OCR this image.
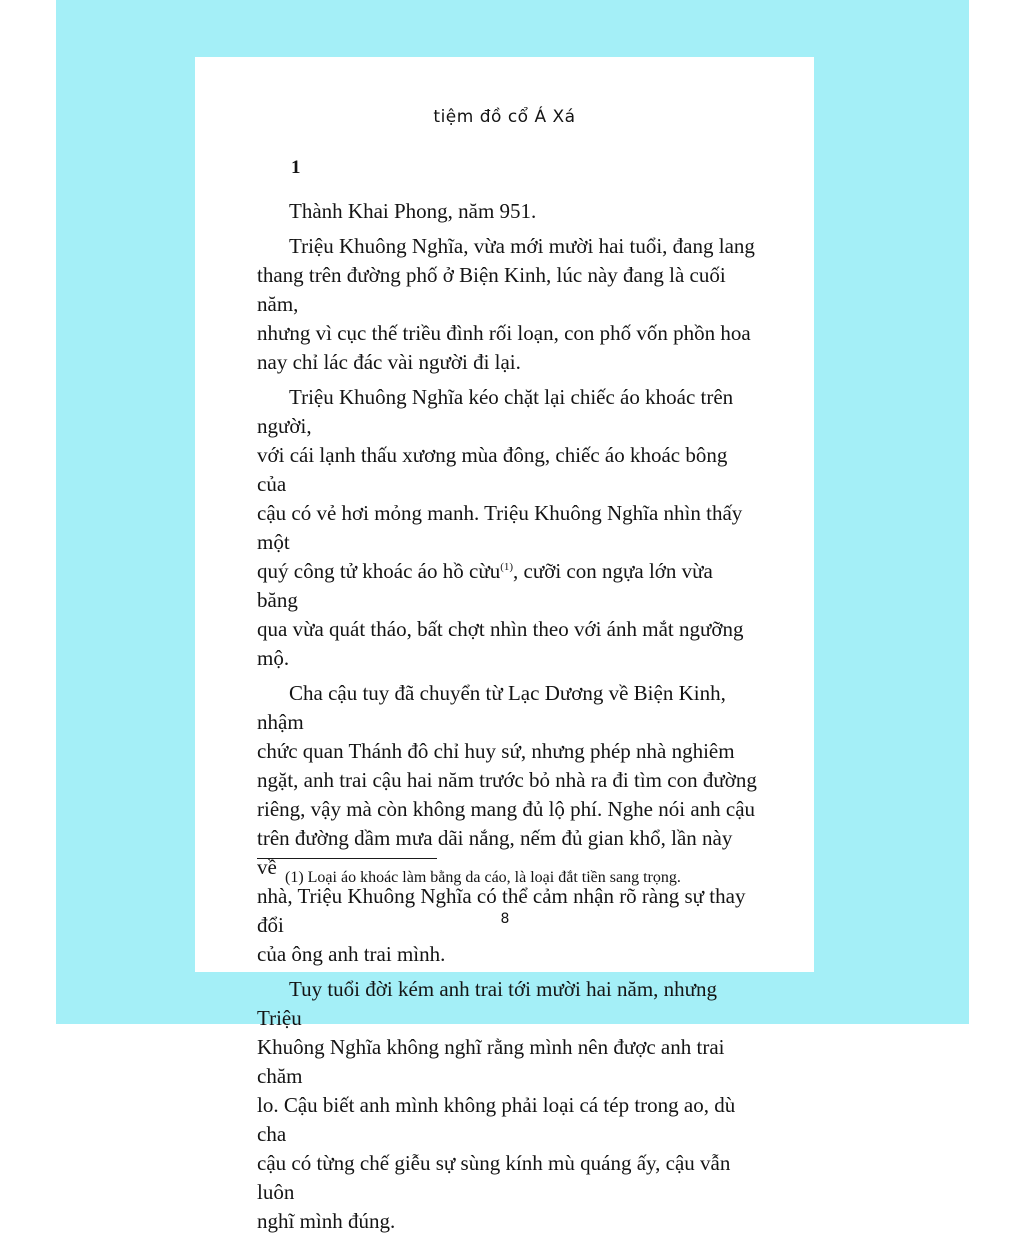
tiệm đồ cổ Á Xá
1

Thành Khai Phong, năm 951.

Triệu Khuông Nghĩa, vừa mới mười hai tuổi, đang lang
thang trên đường phố ở Biện Kinh, lúc này đang là cuối năm,
nhưng vì cục thế triều đình rối loạn, con phố vốn phồn hoa
nay chỉ lác đác vài người đi lại.

Triệu Khuông Nghĩa kéo chặt lại chiếc áo khoác trên người,
với cái lạnh thấu xương mùa đông, chiếc áo khoác bông của
cậu có vẻ hơi mỏng manh. Triệu Khuông Nghĩa nhìn thấy một
quý công tử khoác áo hồ cừu$^{(1)}$, cưỡi con ngựa lớn vừa băng
qua vừa quát tháo, bất chợt nhìn theo với ánh mắt ngưỡng mộ.

Cha cậu tuy đã chuyển từ Lạc Dương về Biện Kinh, nhậm
chức quan Thánh đô chỉ huy sứ, nhưng phép nhà nghiêm
ngặt, anh trai cậu hai năm trước bỏ nhà ra đi tìm con đường
riêng, vậy mà còn không mang đủ lộ phí. Nghe nói anh cậu
trên đường dầm mưa dãi nắng, nếm đủ gian khổ, lần này về
nhà, Triệu Khuông Nghĩa có thể cảm nhận rõ ràng sự thay đổi
của ông anh trai mình.

Tuy tuổi đời kém anh trai tới mười hai năm, nhưng Triệu
Khuông Nghĩa không nghĩ rằng mình nên được anh trai chăm
lo. Cậu biết anh mình không phải loại cá tép trong ao, dù cha
cậu có từng chế giễu sự sùng kính mù quáng ấy, cậu vẫn luôn
nghĩ mình đúng.

(1) Loại áo khoác làm bằng da cáo, là loại đắt tiền sang trọng.
8
